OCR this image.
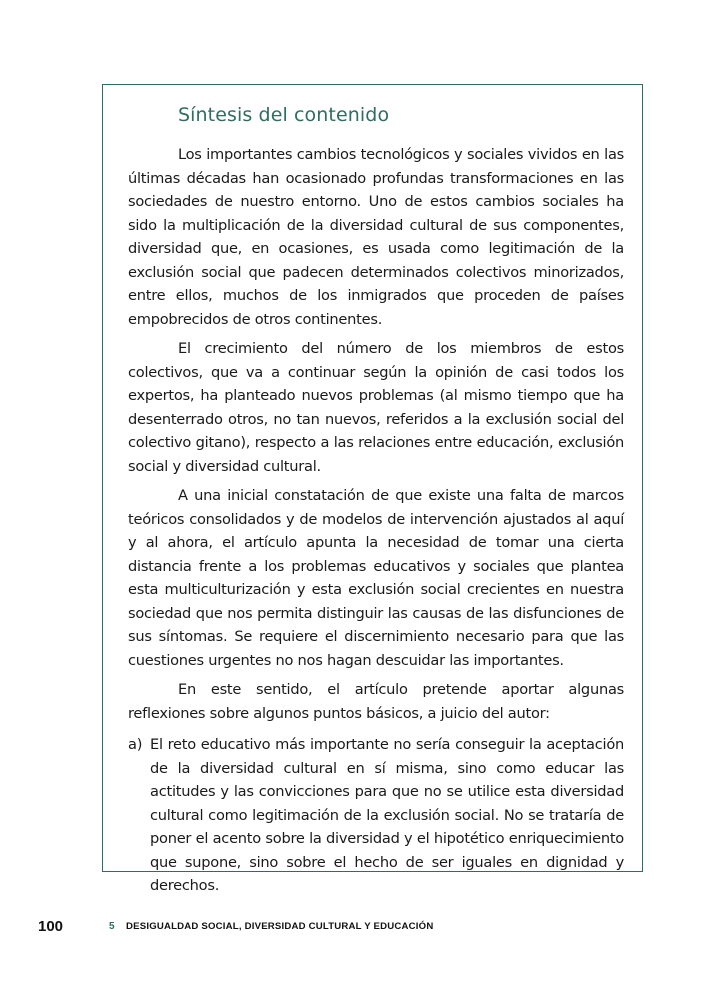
Síntesis del contenido

Los importantes cambios tecnológicos y sociales vividos en las últimas décadas han ocasionado profundas transformaciones en las sociedades de nuestro entorno. Uno de estos cambios sociales ha sido la multiplicación de la diversidad cultural de sus componentes, diversidad que, en ocasiones, es usada como legitimación de la exclusión social que padecen determinados colectivos minorizados, entre ellos, muchos de los inmigrados que proceden de países empobrecidos de otros continentes.

El crecimiento del número de los miembros de estos colectivos, que va a continuar según la opinión de casi todos los expertos, ha planteado nuevos problemas (al mismo tiempo que ha desenterrado otros, no tan nuevos, referidos a la exclusión social del colectivo gitano), respecto a las relaciones entre educación, exclusión social y diversidad cultural.

A una inicial constatación de que existe una falta de marcos teóricos consolidados y de modelos de intervención ajustados al aquí y al ahora, el artículo apunta la necesidad de tomar una cierta distancia frente a los problemas educativos y sociales que plantea esta multiculturización y esta exclusión social crecientes en nuestra sociedad que nos permita distinguir las causas de las disfunciones de sus síntomas. Se requiere el discernimiento necesario para que las cuestiones urgentes no nos hagan descuidar las importantes.

En este sentido, el artículo pretende aportar algunas reflexiones sobre algunos puntos básicos, a juicio del autor:

a) El reto educativo más importante no sería conseguir la aceptación de la diversidad cultural en sí misma, sino como educar las actitudes y las convicciones para que no se utilice esta diversidad cultural como legitimación de la exclusión social. No se trataría de poner el acento sobre la diversidad y el hipotético enriquecimiento que supone, sino sobre el hecho de ser iguales en dignidad y derechos.
100	5 DESIGUALDAD SOCIAL, DIVERSIDAD CULTURAL Y EDUCACIÓN
